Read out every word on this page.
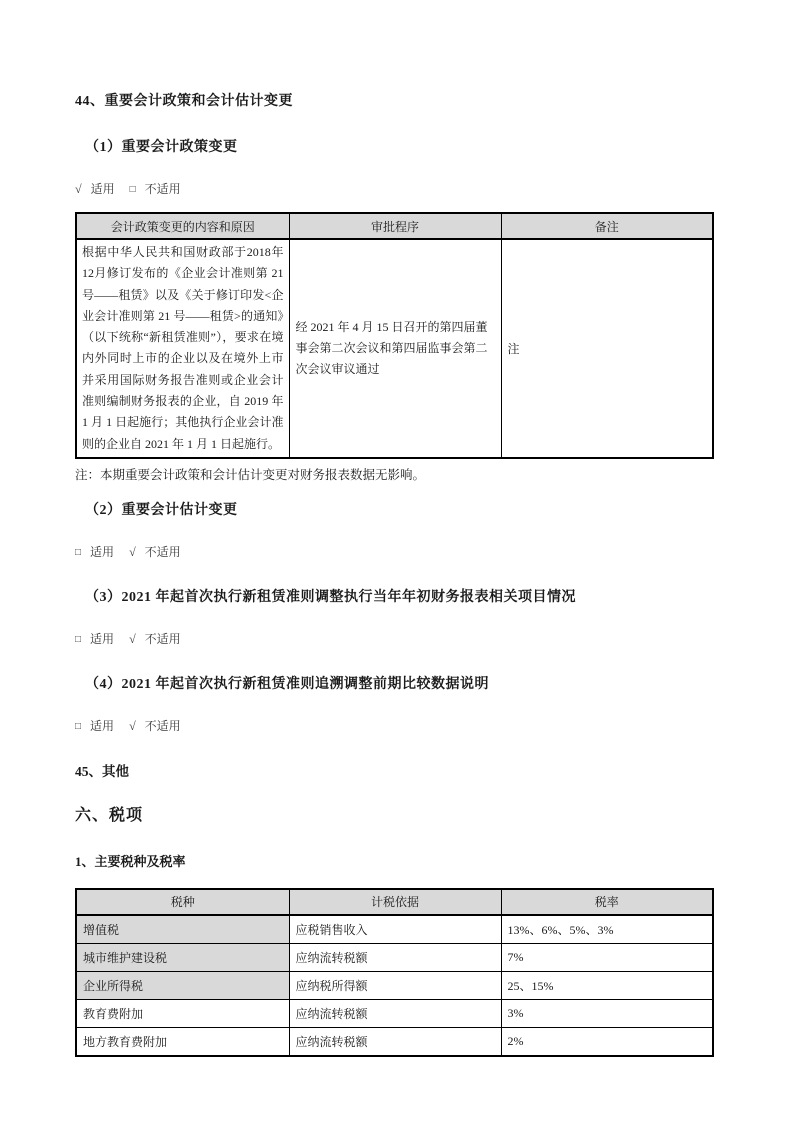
44、重要会计政策和会计估计变更
（1）重要会计政策变更

√ 适用 □ 不适用

会计政策变更的内容和原因	审批程序	备注
根据中华人民共和国财政部于2018年12月修订发布的《企业会计准则第 21 号——租赁》以及《关于修订印发<企业会计准则第 21 号——租赁>的通知》（以下统称“新租赁准则”），要求在境内外同时上市的企业以及在境外上市并采用国际财务报告准则或企业会计准则编制财务报表的企业，自 2019 年 1 月 1 日起施行；其他执行企业会计准则的企业自 2021 年 1 月 1 日起施行。	经 2021 年 4 月 15 日召开的第四届董事会第二次会议和第四届监事会第二次会议审议通过	注

注：本期重要会计政策和会计估计变更对财务报表数据无影响。

（2）重要会计估计变更

□ 适用 √ 不适用

（3）2021 年起首次执行新租赁准则调整执行当年年初财务报表相关项目情况

□ 适用 √ 不适用

（4）2021 年起首次执行新租赁准则追溯调整前期比较数据说明

□ 适用 √ 不适用

45、其他
六、税项
1、主要税种及税率
税种	计税依据	税率
增值税	应税销售收入	13%、6%、5%、3%
城市维护建设税	应纳流转税额	7%
企业所得税	应纳税所得额	25、15%
教育费附加	应纳流转税额	3%
地方教育费附加	应纳流转税额	2%
